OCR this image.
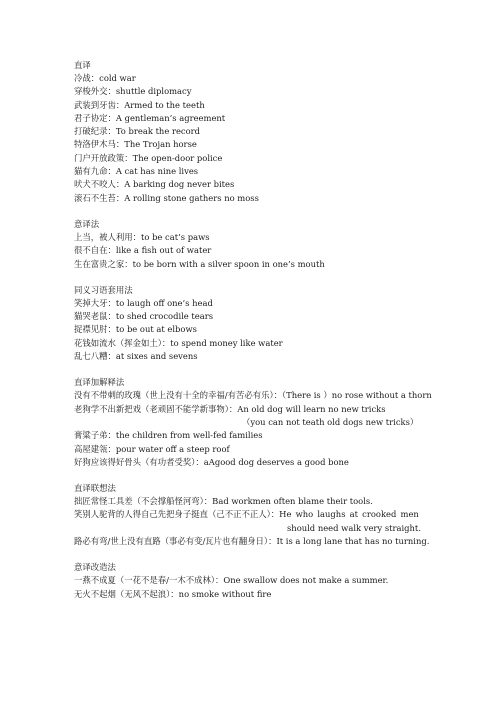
直译
冷战：cold war
穿梭外交：shuttle diplomacy
武装到牙齿：Armed to the teeth
君子协定：A gentleman’s agreement
打破纪录：To break the record
特洛伊木马：The Trojan horse
门户开放政策：The open-door police
猫有九命：A cat has nine lives
吠犬不咬人：A barking dog never bites
滚石不生苔：A rolling stone gathers no moss
意译法
上当，被人利用：to be cat’s paws
很不自在：like a fish out of water
生在富贵之家：to be born with a silver spoon in one’s mouth
同义习语套用法
笑掉大牙：to laugh off one’s head
猫哭老鼠：to shed crocodile tears
捉襟见肘：to be out at elbows
花钱如流水（挥金如土）：to spend money like water
乱七八糟：at sixes and sevens
直译加解释法
没有不带刺的玫瑰（世上没有十全的幸福/有苦必有乐）：（There is ）no rose without a thorn
老狗学不出新把戏（老顽固不能学新事物）：An old dog will learn no new tricks
（you can not teath old dogs new tricks）
膏粱子弟：the children from well-fed families
高屋建瓴：pour water off a steep roof
好狗应该得好骨头（有功者受奖）：aAgood dog deserves a good bone
直译联想法
拙匠常怪工具差（不会撑船怪河弯）：Bad workmen often blame their tools.
笑别人驼背的人得自己先把身子挺直（己不正不正人）：He who laughs at crooked men
should need walk very straight.
路必有弯/世上没有直路（事必有变/瓦片也有翻身日）：It is a long lane that has no turning.
意译改造法
一燕不成夏（一花不是春/一木不成林）：One swallow does not make a summer.
无火不起烟（无风不起浪）：no smoke without fire
